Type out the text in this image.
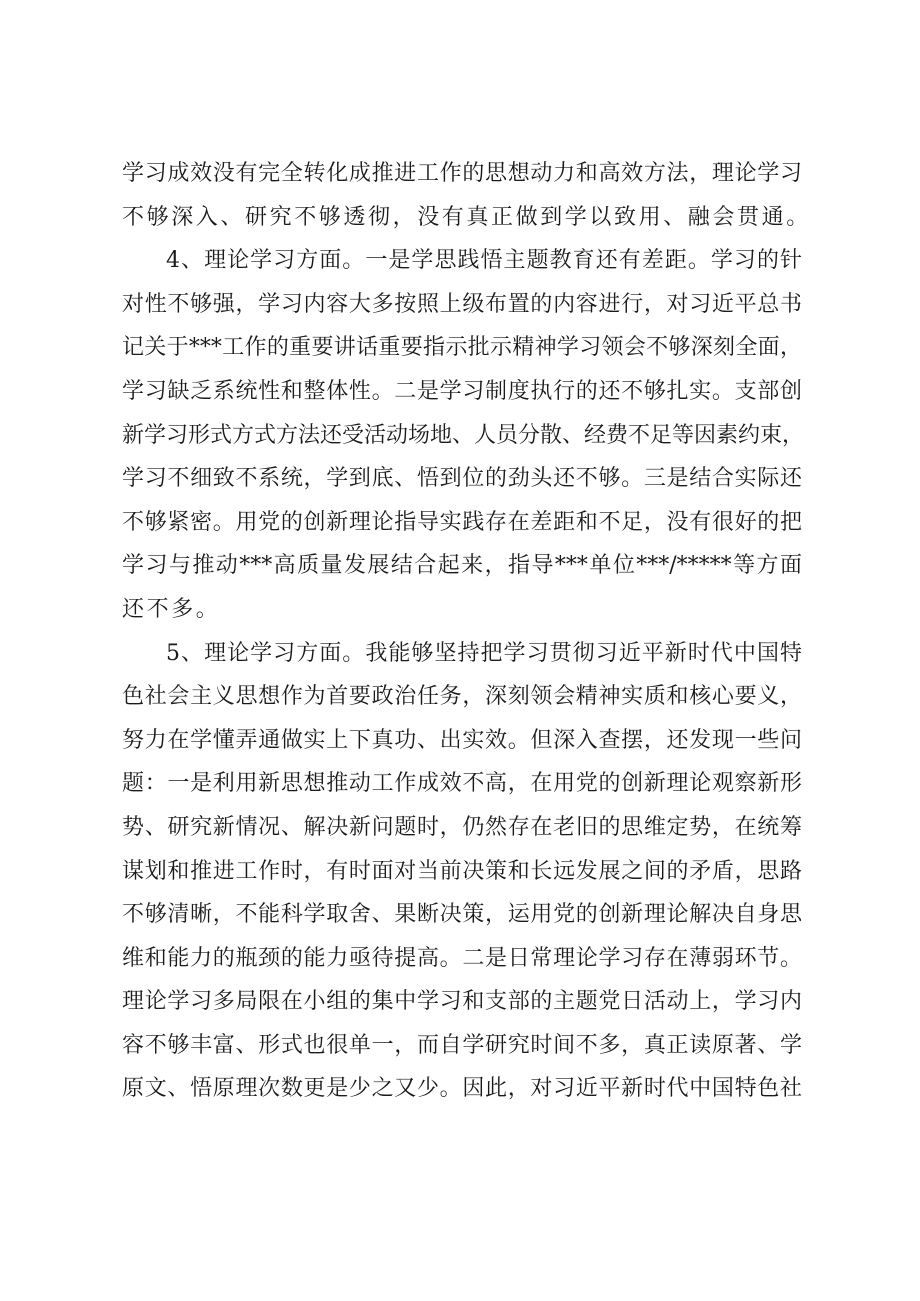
学习成效没有完全转化成推进工作的思想动力和高效方法，理论学习
不够深入、研究不够透彻，没有真正做到学以致用、融会贯通。
4、理论学习方面。一是学思践悟主题教育还有差距。学习的针
对性不够强，学习内容大多按照上级布置的内容进行，对习近平总书
记关于***工作的重要讲话重要指示批示精神学习领会不够深刻全面，
学习缺乏系统性和整体性。二是学习制度执行的还不够扎实。支部创
新学习形式方式方法还受活动场地、人员分散、经费不足等因素约束，
学习不细致不系统，学到底、悟到位的劲头还不够。三是结合实际还
不够紧密。用党的创新理论指导实践存在差距和不足，没有很好的把
学习与推动***高质量发展结合起来，指导***单位***/*****等方面
还不多。
5、理论学习方面。我能够坚持把学习贯彻习近平新时代中国特
色社会主义思想作为首要政治任务，深刻领会精神实质和核心要义，
努力在学懂弄通做实上下真功、出实效。但深入查摆，还发现一些问
题：一是利用新思想推动工作成效不高，在用党的创新理论观察新形
势、研究新情况、解决新问题时，仍然存在老旧的思维定势，在统筹
谋划和推进工作时，有时面对当前决策和长远发展之间的矛盾，思路
不够清晰，不能科学取舍、果断决策，运用党的创新理论解决自身思
维和能力的瓶颈的能力亟待提高。二是日常理论学习存在薄弱环节。
理论学习多局限在小组的集中学习和支部的主题党日活动上，学习内
容不够丰富、形式也很单一，而自学研究时间不多，真正读原著、学
原文、悟原理次数更是少之又少。因此，对习近平新时代中国特色社
